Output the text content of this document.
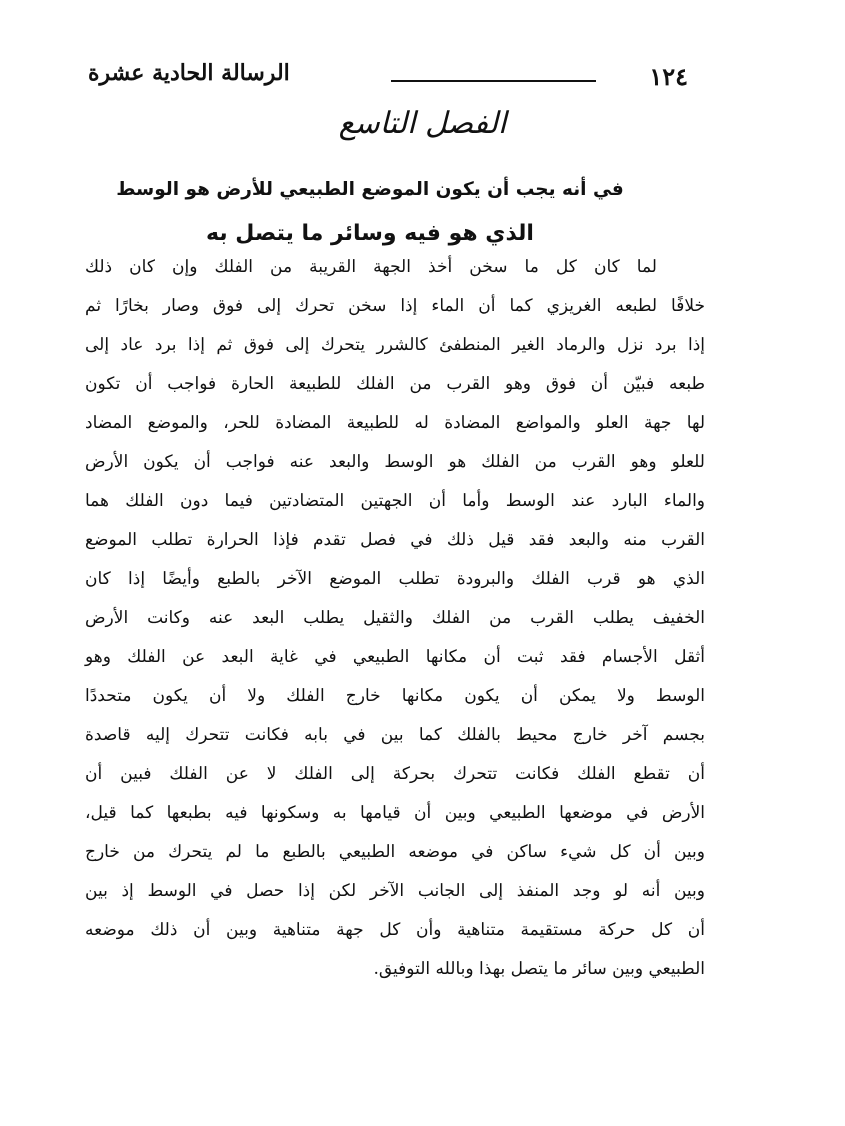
١٢٤
الرسالة الحادية عشرة
الفصل التاسع
في أنه يجب أن يكون الموضع الطبيعي للأرض هو الوسط
الذي هو فيه وسائر ما يتصل به
لما كان كل ما سخن أخذ الجهة القريبة من الفلك وإن كان ذلك
خلافًا لطبعه الغريزي كما أن الماء إذا سخن تحرك إلى فوق وصار بخارًا ثم
إذا برد نزل والرماد الغير المنطفئ كالشرر يتحرك إلى فوق ثم إذا برد عاد إلى
طبعه فبيّن أن فوق وهو القرب من الفلك للطبيعة الحارة فواجب أن تكون
لها جهة العلو والمواضع المضادة له للطبيعة المضادة للحر، والموضع المضاد
للعلو وهو القرب من الفلك هو الوسط والبعد عنه فواجب أن يكون الأرض
والماء البارد عند الوسط وأما أن الجهتين المتضادتين فيما دون الفلك هما
القرب منه والبعد فقد قيل ذلك في فصل تقدم فإذا الحرارة تطلب الموضع
الذي هو قرب الفلك والبرودة تطلب الموضع الآخر بالطبع وأيضًا إذا كان
الخفيف يطلب القرب من الفلك والثقيل يطلب البعد عنه وكانت الأرض
أثقل الأجسام فقد ثبت أن مكانها الطبيعي في غاية البعد عن الفلك وهو
الوسط ولا يمكن أن يكون مكانها خارج الفلك ولا أن يكون متحددًا
بجسم آخر خارج محيط بالفلك كما بين في بابه فكانت تتحرك إليه قاصدة
أن تقطع الفلك فكانت تتحرك بحركة إلى الفلك لا عن الفلك فبين أن
الأرض في موضعها الطبيعي وبين أن قيامها به وسكونها فيه بطبعها كما قيل،
وبين أن كل شيء ساكن في موضعه الطبيعي بالطبع ما لم يتحرك من خارج
وبين أنه لو وجد المنفذ إلى الجانب الآخر لكن إذا حصل في الوسط إذ بين
أن كل حركة مستقيمة متناهية وأن كل جهة متناهية وبين أن ذلك موضعه
الطبيعي وبين سائر ما يتصل بهذا وبالله التوفيق.
